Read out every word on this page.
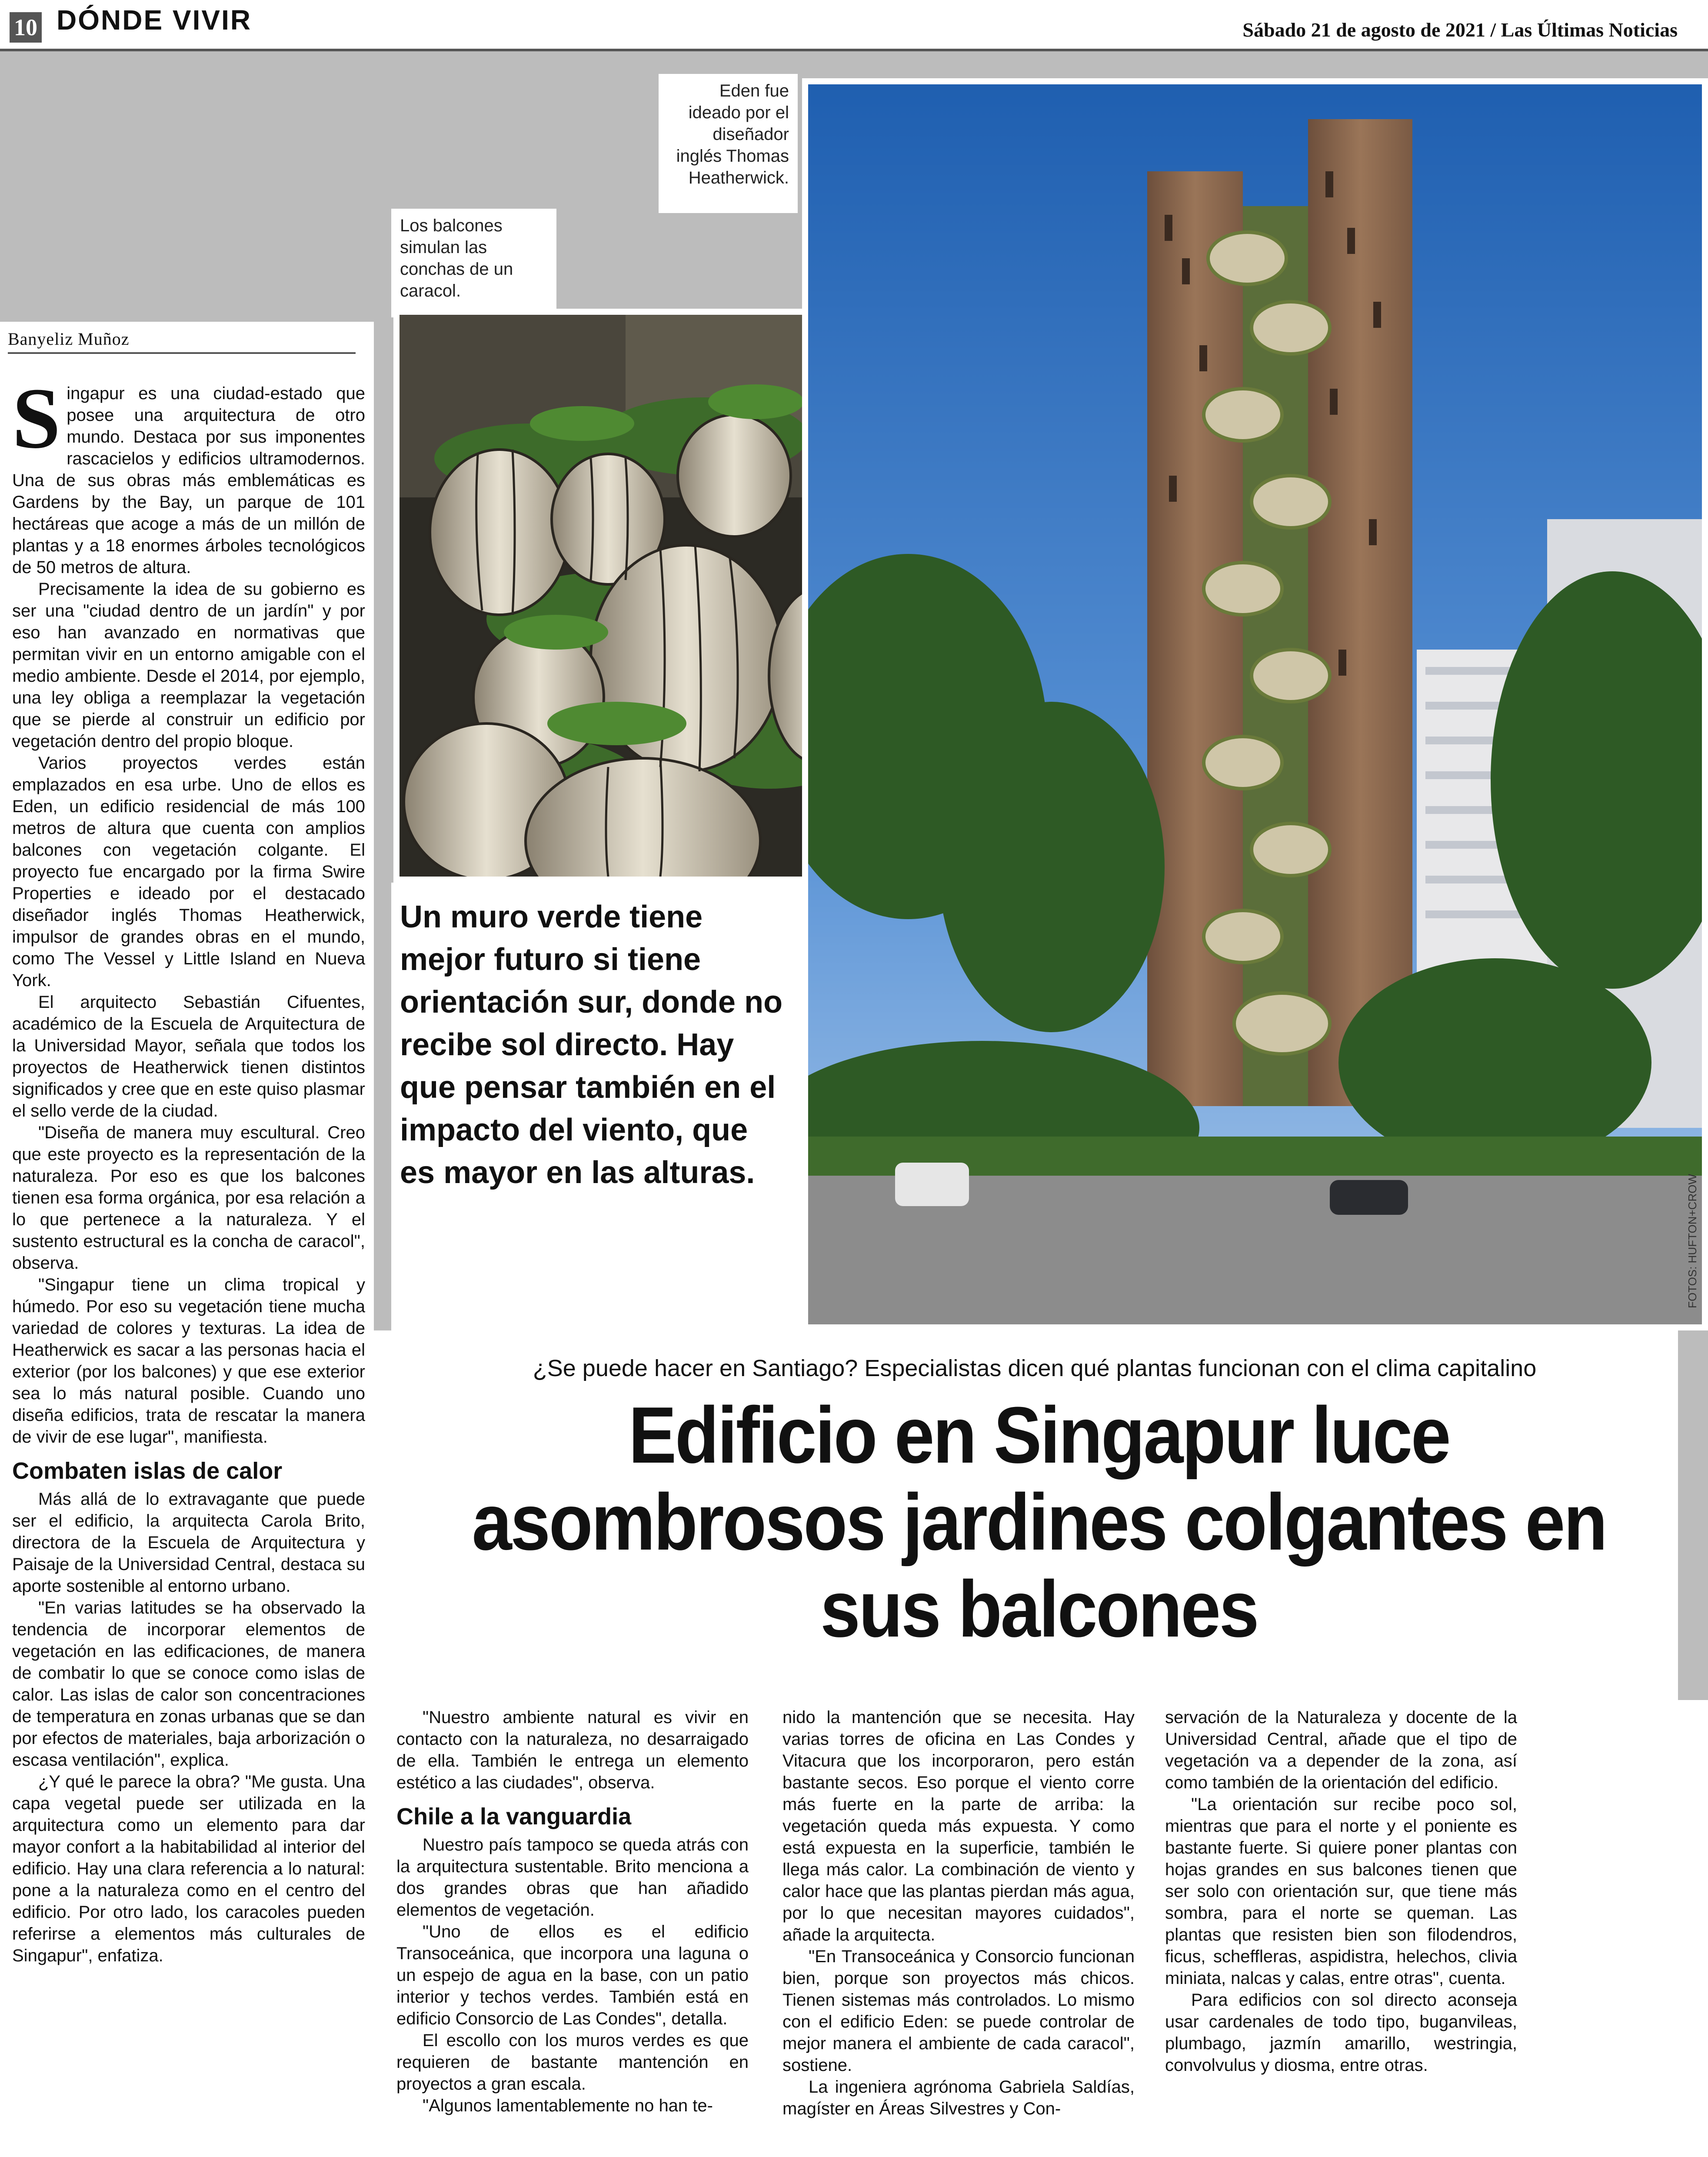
10 DÓNDE VIVIR	Sábado 21 de agosto de 2021 / Las Últimas Noticias
Banyeliz Muñoz

Singapur es una ciudad-estado que posee una arquitectura de otro mundo. Destaca por sus imponentes rascacielos y edificios ultramodernos. Una de sus obras más emblemáticas es Gardens by the Bay, un parque de 101 hectáreas que acoge a más de un millón de plantas y a 18 enormes árboles tecnológicos de 50 metros de altura.

Precisamente la idea de su gobierno es ser una "ciudad dentro de un jardín" y por eso han avanzado en normativas que permitan vivir en un entorno amigable con el medio ambiente. Desde el 2014, por ejemplo, una ley obliga a reemplazar la vegetación que se pierde al construir un edificio por vegetación dentro del propio bloque.

Varios proyectos verdes están emplazados en esa urbe. Uno de ellos es Eden, un edificio residencial de más 100 metros de altura que cuenta con amplios balcones con vegetación colgante. El proyecto fue encargado por la firma Swire Properties e ideado por el destacado diseñador inglés Thomas Heatherwick, impulsor de grandes obras en el mundo, como The Vessel y Little Island en Nueva York.

El arquitecto Sebastián Cifuentes, académico de la Escuela de Arquitectura de la Universidad Mayor, señala que todos los proyectos de Heatherwick tienen distintos significados y cree que en este quiso plasmar el sello verde de la ciudad.

"Diseña de manera muy escultural. Creo que este proyecto es la representación de la naturaleza. Por eso es que los balcones tienen esa forma orgánica, por esa relación a lo que pertenece a la naturaleza. Y el sustento estructural es la concha de caracol", observa.

"Singapur tiene un clima tropical y húmedo. Por eso su vegetación tiene mucha variedad de colores y texturas. La idea de Heatherwick es sacar a las personas hacia el exterior (por los balcones) y que ese exterior sea lo más natural posible. Cuando uno diseña edificios, trata de rescatar la manera de vivir de ese lugar", manifiesta.

Combaten islas de calor

Más allá de lo extravagante que puede ser el edificio, la arquitecta Carola Brito, directora de la Escuela de Arquitectura y Paisaje de la Universidad Central, destaca su aporte sostenible al entorno urbano.

"En varias latitudes se ha observado la tendencia de incorporar elementos de vegetación en las edificaciones, de manera de combatir lo que se conoce como islas de calor. Las islas de calor son concentraciones de temperatura en zonas urbanas que se dan por efectos de materiales, baja arborización o escasa ventilación", explica.

¿Y qué le parece la obra? "Me gusta. Una capa vegetal puede ser utilizada en la arquitectura como un elemento para dar mayor confort a la habitabilidad al interior del edificio. Hay una clara referencia a lo natural: pone a la naturaleza como en el centro del edificio. Por otro lado, los caracoles pueden referirse a elementos más culturales de Singapur", enfatiza.

Los balcones simulan las conchas de un caracol.
Eden fue ideado por el diseñador inglés Thomas Heatherwick.
FOTOS: HUFTON+CROW
Un muro verde tiene mejor futuro si tiene orientación sur, donde no recibe sol directo. Hay que pensar también en el impacto del viento, que es mayor en las alturas.
¿Se puede hacer en Santiago? Especialistas dicen qué plantas funcionan con el clima capitalino
Edificio en Singapur luce asombrosos jardines colgantes en sus balcones

"Nuestro ambiente natural es vivir en contacto con la naturaleza, no desarraigado de ella. También le entrega un elemento estético a las ciudades", observa.

Chile a la vanguardia

Nuestro país tampoco se queda atrás con la arquitectura sustentable. Brito menciona a dos grandes obras que han añadido elementos de vegetación.

"Uno de ellos es el edificio Transoceánica, que incorpora una laguna o un espejo de agua en la base, con un patio interior y techos verdes. También está en edificio Consorcio de Las Condes", detalla.

El escollo con los muros verdes es que requieren de bastante mantención en proyectos a gran escala.

"Algunos lamentablemente no han te-

nido la mantención que se necesita. Hay varias torres de oficina en Las Condes y Vitacura que los incorporaron, pero están bastante secos. Eso porque el viento corre más fuerte en la parte de arriba: la vegetación queda más expuesta. Y como está expuesta en la superficie, también le llega más calor. La combinación de viento y calor hace que las plantas pierdan más agua, por lo que necesitan mayores cuidados", añade la arquitecta.

"En Transoceánica y Consorcio funcionan bien, porque son proyectos más chicos. Tienen sistemas más controlados. Lo mismo con el edificio Eden: se puede controlar de mejor manera el ambiente de cada caracol", sostiene.

La ingeniera agrónoma Gabriela Saldías, magíster en Áreas Silvestres y Con-

servación de la Naturaleza y docente de la Universidad Central, añade que el tipo de vegetación va a depender de la zona, así como también de la orientación del edificio.

"La orientación sur recibe poco sol, mientras que para el norte y el poniente es bastante fuerte. Si quiere poner plantas con hojas grandes en sus balcones tienen que ser solo con orientación sur, que tiene más sombra, para el norte se queman. Las plantas que resisten bien son filodendros, ficus, scheffleras, aspidistra, helechos, clivia miniata, nalcas y calas, entre otras", cuenta.

Para edificios con sol directo aconseja usar cardenales de todo tipo, buganvileas, plumbago, jazmín amarillo, westringia, convolvulus y diosma, entre otras.
